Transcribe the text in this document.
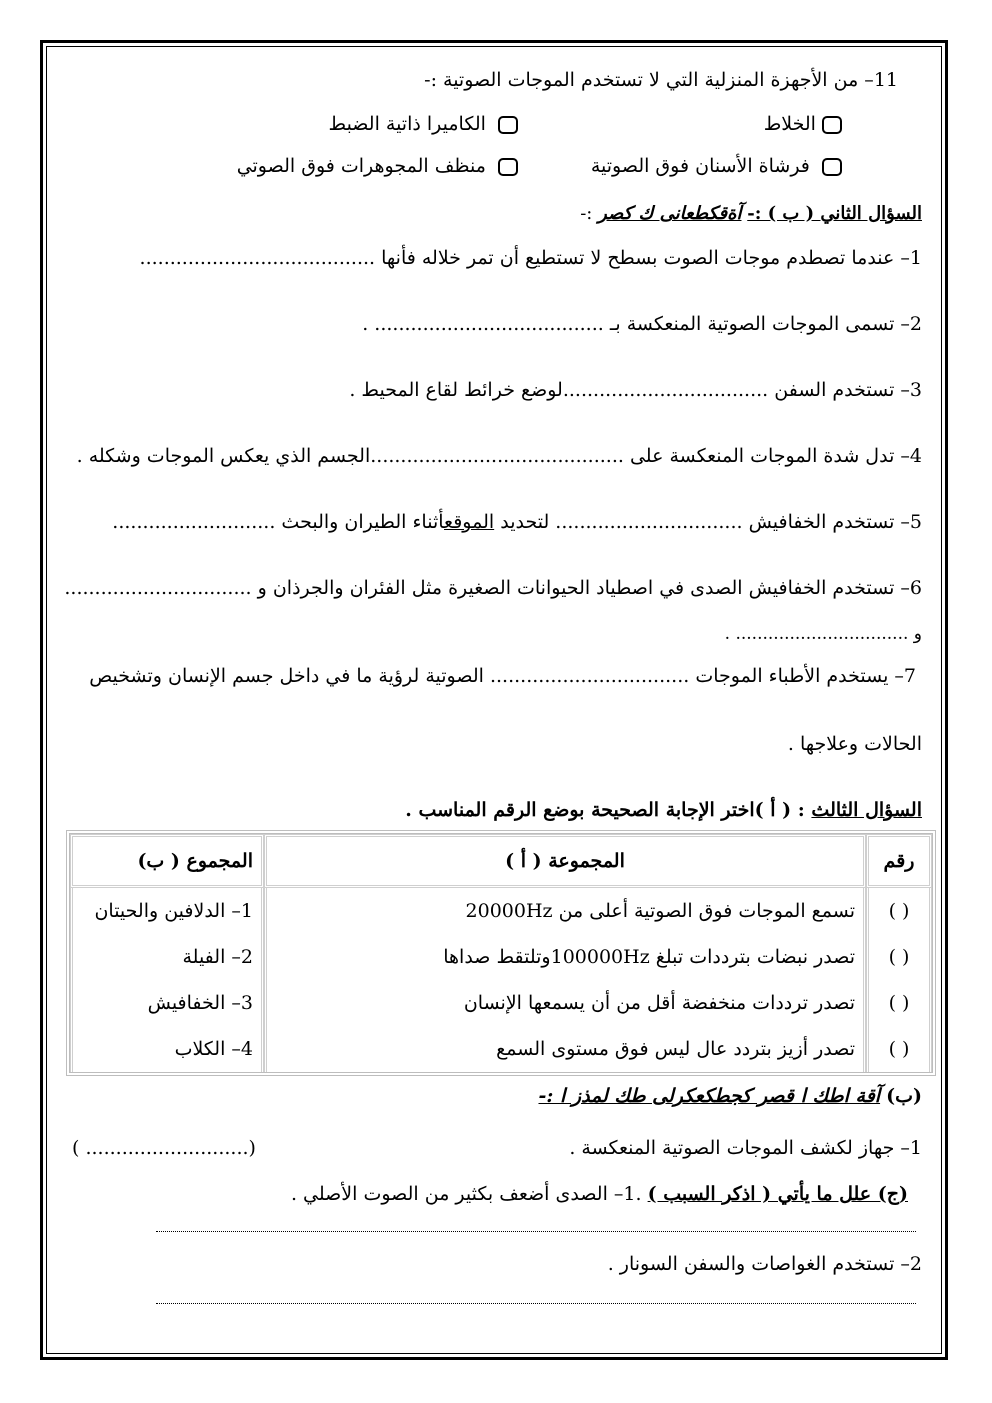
11– من الأجهزة المنزلية التي لا تستخدم الموجات الصوتية :-
الخلاط
الكاميرا ذاتية الضبط
فرشاة الأسنان فوق الصوتية
منظف المجوهرات فوق الصوتي
السؤال الثاني ( ب ) :- آةقكطعانى ك كصر :-
1– عندما تصطدم موجات الصوت بسطح لا تستطيع أن تمر خلاله فأنها .......................................
2– تسمى الموجات الصوتية المنعكسة بـ ...................................... .
3– تستخدم السفن ..................................لوضع خرائط لقاع المحيط .
4– تدل شدة الموجات المنعكسة على ..........................................الجسم الذي يعكس الموجات وشكله .
5– تستخدم الخفافيش ............................... لتحديد الموقعأثناء الطيران والبحث ...........................
6– تستخدم الخفافيش الصدى في اصطياد الحيوانات الصغيرة مثل الفئران والجرذان و ...............................
و ................................ .
7– يستخدم الأطباء الموجات ................................. الصوتية لرؤية ما في داخل جسم الإنسان وتشخيص
الحالات وعلاجها .
السؤال الثالث : ( أ )اختر الإجابة الصحيحة بوضع الرقم المناسب .
رقم	المجموعة ( أ )	المجموع ( ب)
( )	تسمع الموجات فوق الصوتية أعلى من 20000Hz	1– الدلافين والحيتان
( )	تصدر نبضات بترددات تبلغ 100000Hzوتلتقط صداها	2– الفيلة
( )	تصدر ترددات منخفضة أقل من أن يسمعها الإنسان	3– الخفافيش
( )	تصدر أزيز بتردد عال ليس فوق مستوى السمع	4– الكلاب
(ب) آقة اطك ا قصر كجطكعكرلى طك لمذز ا :-
1– جهاز لكشف الموجات الصوتية المنعكسة .
( ...........................)
(ج) علل ما يأتي ( اذكر السبب ) .1– الصدى أضعف بكثير من الصوت الأصلي .
2– تستخدم الغواصات والسفن السونار .
